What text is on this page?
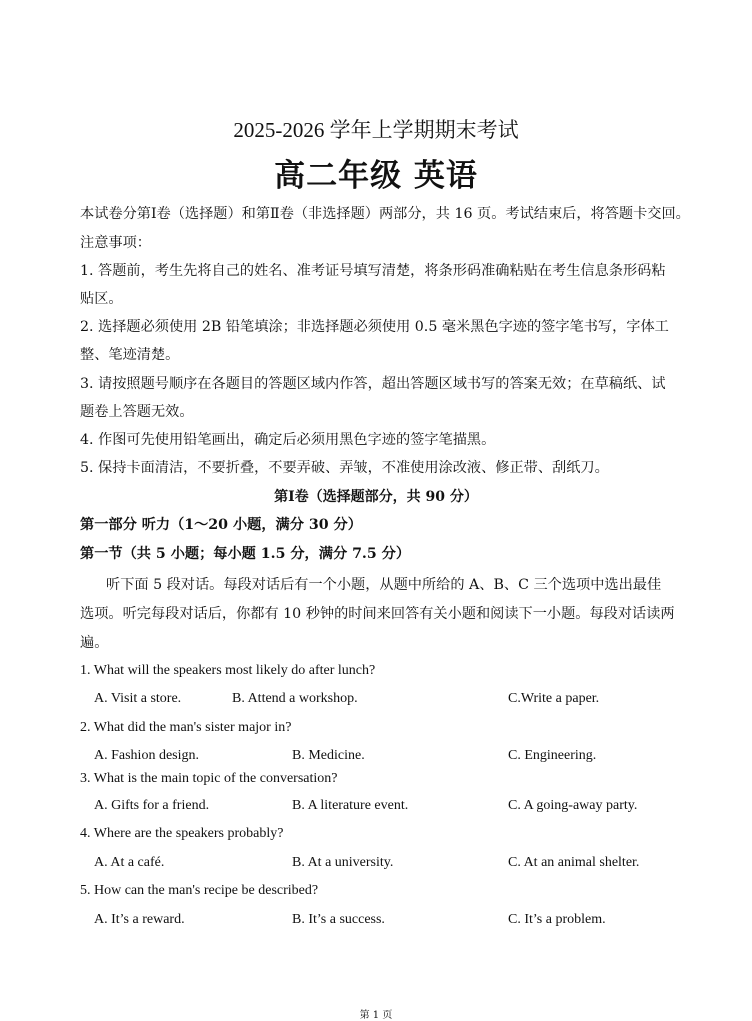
2025-2026 学年上学期期末考试
高二年级 英语
本试卷分第Ⅰ卷（选择题）和第Ⅱ卷（非选择题）两部分，共 16 页。考试结束后，将答题卡交回。
注意事项：
1. 答题前，考生先将自己的姓名、准考证号填写清楚，将条形码准确粘贴在考生信息条形码粘
贴区。
2. 选择题必须使用 2B 铅笔填涂；非选择题必须使用 0.5 毫米黑色字迹的签字笔书写，字体工
整、笔迹清楚。
3. 请按照题号顺序在各题目的答题区域内作答，超出答题区域书写的答案无效；在草稿纸、试
题卷上答题无效。
4. 作图可先使用铅笔画出，确定后必须用黑色字迹的签字笔描黑。
5. 保持卡面清洁，不要折叠，不要弄破、弄皱，不准使用涂改液、修正带、刮纸刀。
第Ⅰ卷（选择题部分，共 90 分）
第一部分 听力（1～20 小题，满分 30 分）
第一节（共 5 小题；每小题 1.5 分，满分 7.5 分）
听下面 5 段对话。每段对话后有一个小题，从题中所给的 A、B、C 三个选项中选出最佳
选项。听完每段对话后，你都有 10 秒钟的时间来回答有关小题和阅读下一小题。每段对话读两
遍。
1. What will the speakers most likely do after lunch?
A. Visit a store.	B. Attend a workshop.	C.Write a paper.
2. What did the man's sister major in?
A. Fashion design.	B. Medicine.	C. Engineering.
3. What is the main topic of the conversation?
A. Gifts for a friend.	B. A literature event.	C. A going-away party.
4. Where are the speakers probably?
A. At a café.	B. At a university.	C. At an animal shelter.
5. How can the man's recipe be described?
A. It’s a reward.	B. It’s a success.	C. It’s a problem.
第 1 页
